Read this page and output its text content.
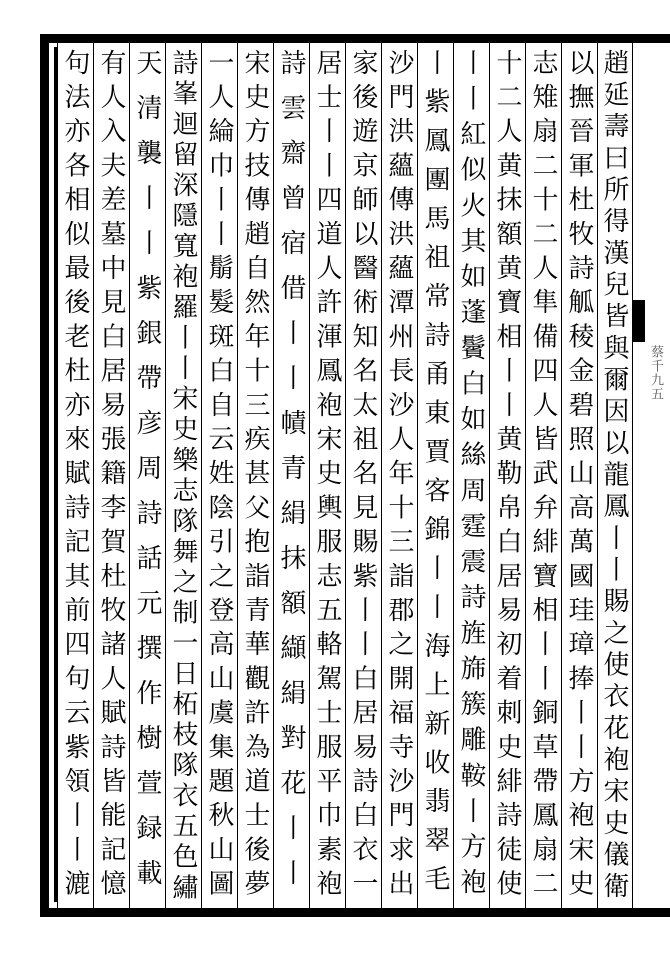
蔡千九五
趙延壽曰所得漢兒皆與爾因以龍鳳丨丨賜之使衣花袍宋史儀衛
以撫晉軍杜牧詩觚稜金碧照山高萬國珪璋捧丨丨方袍宋史
志雉扇二十二人隼備四人皆武弁緋寶相丨丨銅草帶鳳扇二
十二人黄抹額黄寶相丨丨黄勒帛白居易初着刺史緋詩徒使
丨丨紅似火其如蓬鬢白如絲周霆震詩旌旆簇雕鞍丨方袍
丨紫鳳團馬祖常詩甬東賈客錦丨丨海上新收翡翠毛
沙門洪蘊傳洪蘊潭州長沙人年十三詣郡之開福寺沙門求出
家後遊京師以醫術知名太祖名見賜紫丨丨白居易詩白衣一
居士丨丨四道人許渾鳳袍宋史輿服志五輅駕士服平巾素袍
詩雲齋曾宿借丨丨幘青絹抹額纈絹對花丨丨
宋史方技傳趙自然年十三疾甚父抱詣青華觀許為道士後夢
一人綸巾丨丨鬅髮斑白自云姓陰引之登高山虞集題秋山圖
詩峯迴留深隱寬袍羅丨丨宋史樂志隊舞之制一日柘枝隊衣五色繡
天清襲丨丨紫銀帶彦周詩話元撰作樹萱録載
有人入夫差墓中見白居易張籍李賀杜牧諸人賦詩皆能記憶
句法亦各相似最後老杜亦來賦詩記其前四句云紫領丨丨漉
